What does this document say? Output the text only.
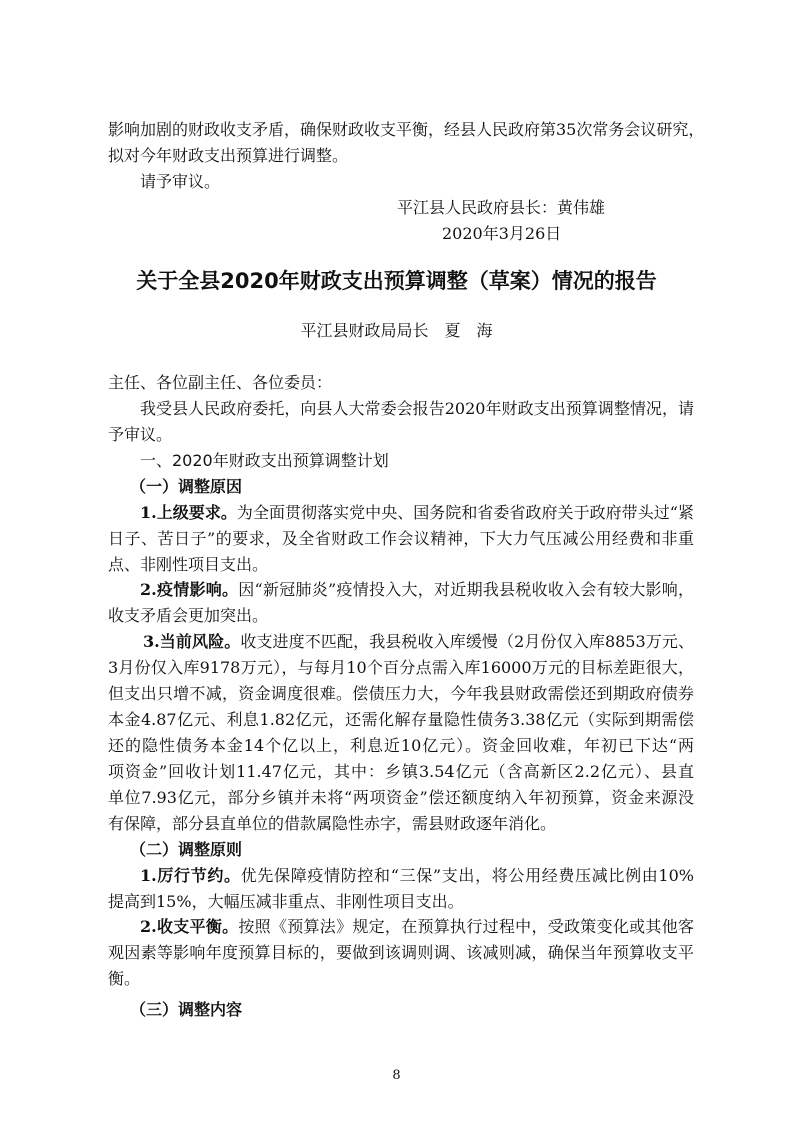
影响加剧的财政收支矛盾，确保财政收支平衡，经县人民政府第35次常务会议研究，
拟对今年财政支出预算进行调整。
请予审议。
平江县人民政府县长：黄伟雄
2020年3月26日
关于全县2020年财政支出预算调整（草案）情况的报告
平江县财政局局长　夏　海
主任、各位副主任、各位委员：
我受县人民政府委托，向县人大常委会报告2020年财政支出预算调整情况，请
予审议。
一、2020年财政支出预算调整计划
（一）调整原因
1.上级要求。为全面贯彻落实党中央、国务院和省委省政府关于政府带头过“紧
日子、苦日子”的要求，及全省财政工作会议精神，下大力气压减公用经费和非重
点、非刚性项目支出。
2.疫情影响。因“新冠肺炎”疫情投入大，对近期我县税收收入会有较大影响，
收支矛盾会更加突出。
3.当前风险。收支进度不匹配，我县税收入库缓慢（2月份仅入库8853万元、
3月份仅入库9178万元），与每月10个百分点需入库16000万元的目标差距很大，
但支出只增不减，资金调度很难。偿债压力大，今年我县财政需偿还到期政府债券
本金4.87亿元、利息1.82亿元，还需化解存量隐性债务3.38亿元（实际到期需偿
还的隐性债务本金14个亿以上，利息近10亿元）。资金回收难，年初已下达“两
项资金”回收计划11.47亿元，其中：乡镇3.54亿元（含高新区2.2亿元）、县直
单位7.93亿元，部分乡镇并未将“两项资金”偿还额度纳入年初预算，资金来源没
有保障，部分县直单位的借款属隐性赤字，需县财政逐年消化。
（二）调整原则
1.厉行节约。优先保障疫情防控和“三保”支出，将公用经费压减比例由10%
提高到15%，大幅压减非重点、非刚性项目支出。
2.收支平衡。按照《预算法》规定，在预算执行过程中，受政策变化或其他客
观因素等影响年度预算目标的，要做到该调则调、该减则减，确保当年预算收支平
衡。
（三）调整内容
8
